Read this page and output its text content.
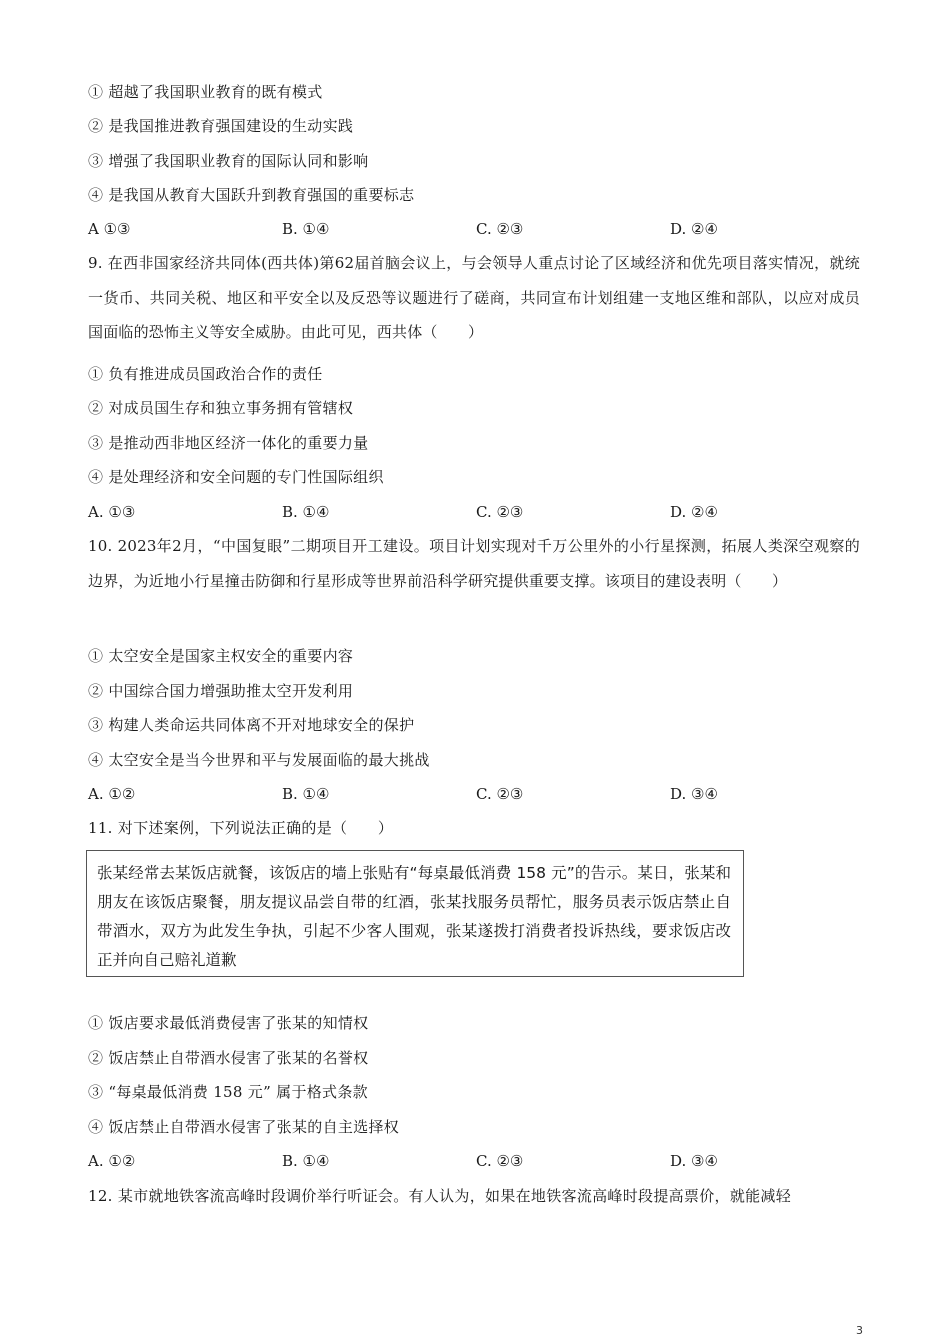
① 超越了我国职业教育的既有模式
② 是我国推进教育强国建设的生动实践
③ 增强了我国职业教育的国际认同和影响
④ 是我国从教育大国跃升到教育强国的重要标志
A ①③	B. ①④	C. ②③	D. ②④
9. 在西非国家经济共同体(西共体)第62届首脑会议上，与会领导人重点讨论了区域经济和优先项目落实情况，就统一货币、共同关税、地区和平安全以及反恐等议题进行了磋商，共同宣布计划组建一支地区维和部队，以应对成员国面临的恐怖主义等安全威胁。由此可见，西共体（　　）
① 负有推进成员国政治合作的责任
② 对成员国生存和独立事务拥有管辖权
③ 是推动西非地区经济一体化的重要力量
④ 是处理经济和安全问题的专门性国际组织
A. ①③	B. ①④	C. ②③	D. ②④
10. 2023年2月，“中国复眼”二期项目开工建设。项目计划实现对千万公里外的小行星探测，拓展人类深空观察的边界，为近地小行星撞击防御和行星形成等世界前沿科学研究提供重要支撑。该项目的建设表明（　　）
① 太空安全是国家主权安全的重要内容
② 中国综合国力增强助推太空开发利用
③ 构建人类命运共同体离不开对地球安全的保护
④ 太空安全是当今世界和平与发展面临的最大挑战
A. ①②	B. ①④	C. ②③	D. ③④
11. 对下述案例，下列说法正确的是（　　）
张某经常去某饭店就餐，该饭店的墙上张贴有“每桌最低消费 158 元”的告示。某日，张某和朋友在该饭店聚餐，朋友提议品尝自带的红酒，张某找服务员帮忙，服务员表示饭店禁止自带酒水，双方为此发生争执，引起不少客人围观，张某遂拨打消费者投诉热线，要求饭店改正并向自己赔礼道歉
① 饭店要求最低消费侵害了张某的知情权
② 饭店禁止自带酒水侵害了张某的名誉权
③ “每桌最低消费 158 元” 属于格式条款
④ 饭店禁止自带酒水侵害了张某的自主选择权
A. ①②	B. ①④	C. ②③	D. ③④
12. 某市就地铁客流高峰时段调价举行听证会。有人认为，如果在地铁客流高峰时段提高票价，就能减轻
3
